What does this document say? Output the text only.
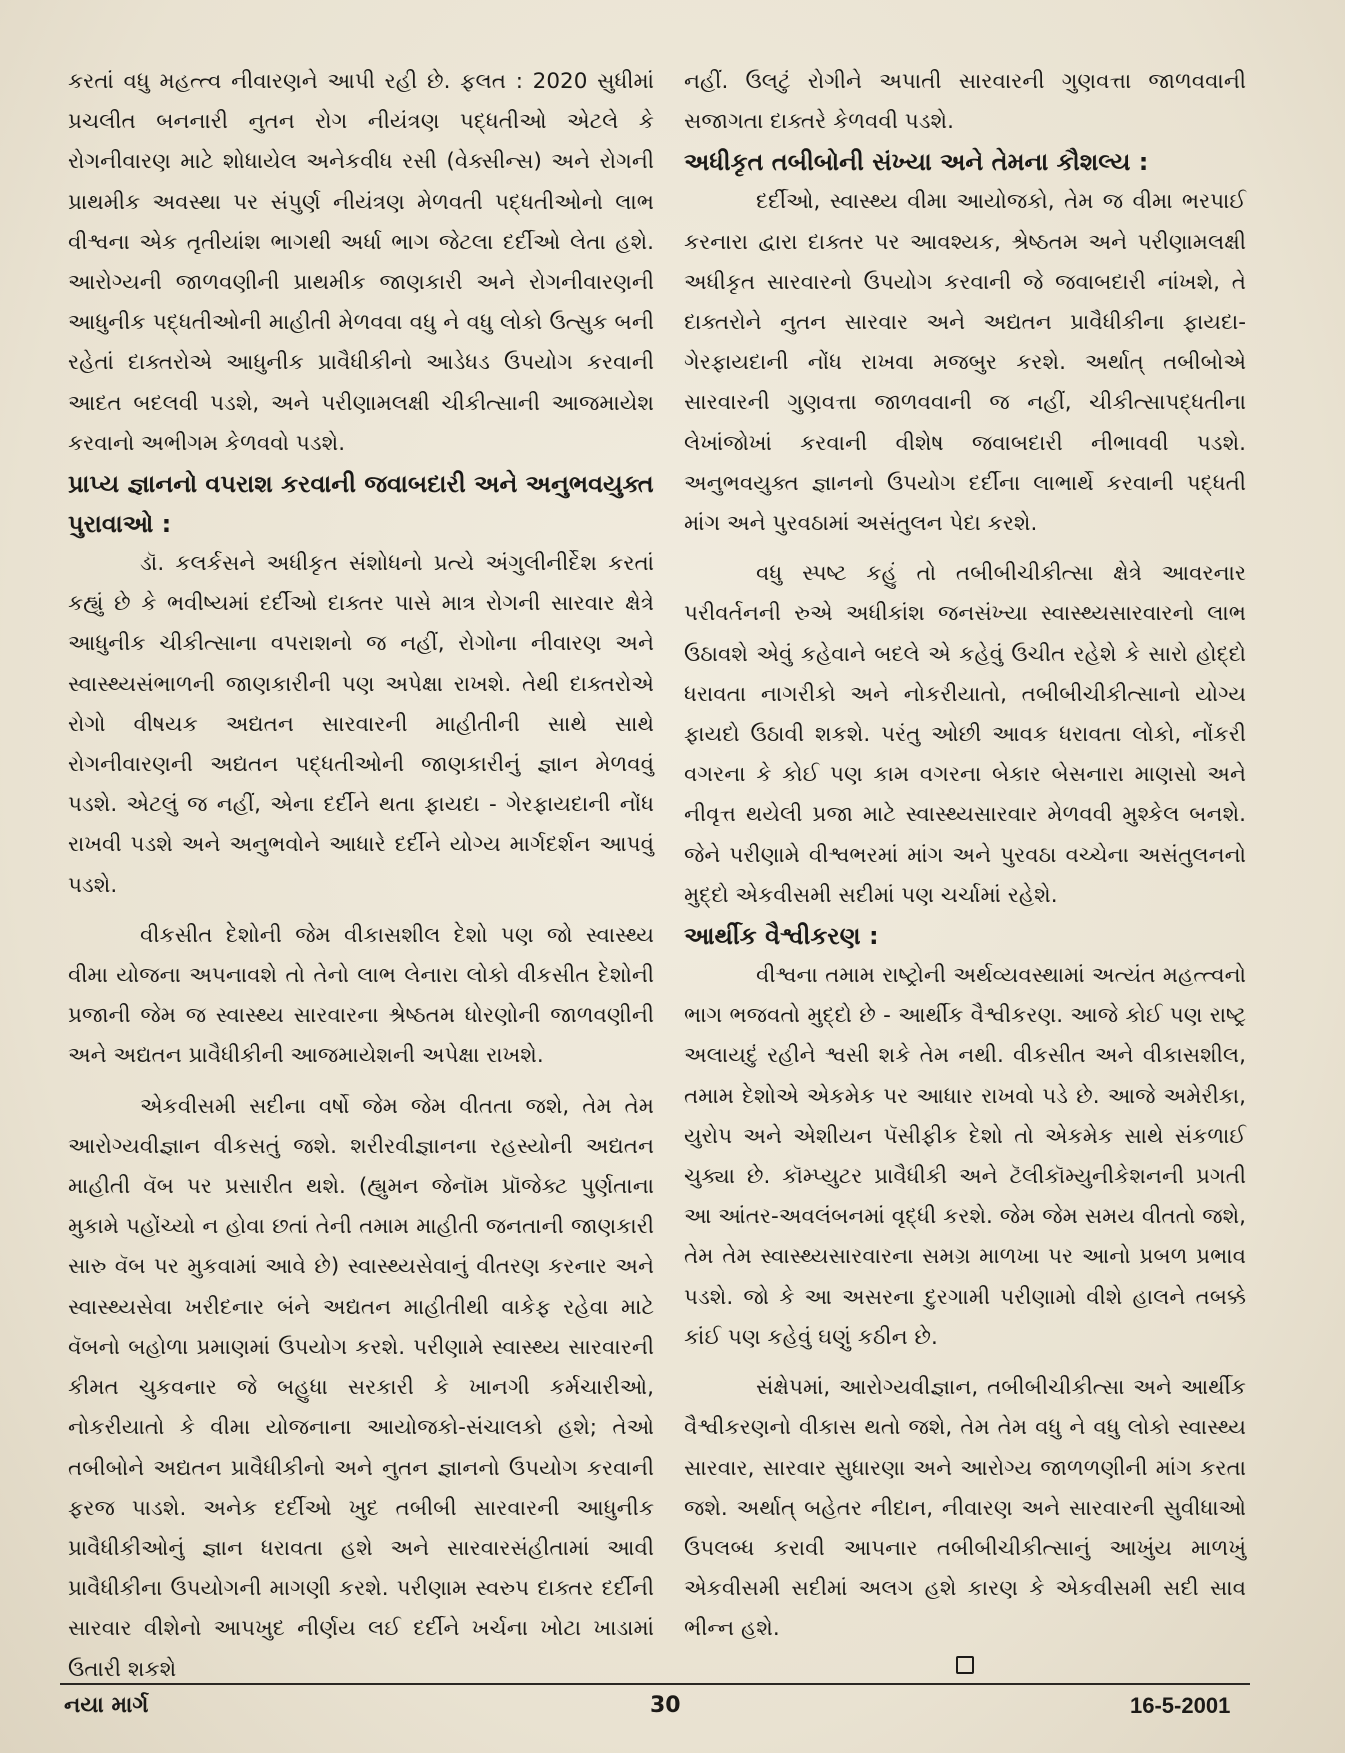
કરતાં વધુ મહત્ત્વ નીવારણને આપી રહી છે. ફલત : 2020 સુધીમાં પ્રચલીત બનનારી નુતન રોગ નીયંત્રણ પદ્ધતીઓ એટલે કે રોગનીવારણ માટે શોધાયેલ અનેકવીધ રસી (વેક્સીન્સ) અને રોગની પ્રાથમીક અવસ્થા પર સંપુર્ણ નીયંત્રણ મેળવતી પદ્ધતીઓનો લાભ વીશ્વના એક તૃતીયાંશ ભાગથી અર્ધા ભાગ જેટલા દર્દીઓ લેતા હશે. આરોગ્યની જાળવણીની પ્રાથમીક જાણકારી અને રોગનીવારણની આધુનીક પદ્ધતીઓની માહીતી મેળવવા વધુ ને વધુ લોકો ઉત્સુક બની રહેતાં દાક્તરોએ આધુનીક પ્રાવૈધીકીનો આડેધડ ઉપયોગ કરવાની આદત બદલવી પડશે, અને પરીણામલક્ષી ચીકીત્સાની આજમાયેશ કરવાનો અભીગમ કેળવવો પડશે.

પ્રાપ્ય જ્ઞાનનો વપરાશ કરવાની જવાબદારી અને અનુભવયુક્ત પુરાવાઓ :

ડૉ. કલર્કસને અધીકૃત સંશોધનો પ્રત્યે અંગુલીનીર્દેશ કરતાં કહ્યું છે કે ભવીષ્યમાં દર્દીઓ દાક્તર પાસે માત્ર રોગની સારવાર ક્ષેત્રે આધુનીક ચીકીત્સાના વપરાશનો જ નહીં, રોગોના નીવારણ અને સ્વાસ્થ્યસંભાળની જાણકારીની પણ અપેક્ષા રાખશે. તેથી દાક્તરોએ રોગો વીષયક અદ્યતન સારવારની માહીતીની સાથે સાથે રોગનીવારણની અદ્યતન પદ્ધતીઓની જાણકારીનું જ્ઞાન મેળવવું પડશે. એટલું જ નહીં, એના દર્દીને થતા ફાયદા - ગેરફાયદાની નોંધ રાખવી પડશે અને અનુભવોને આધારે દર્દીને યોગ્ય માર્ગદર્શન આપવું પડશે.

વીકસીત દેશોની જેમ વીકાસશીલ દેશો પણ જો સ્વાસ્થ્ય વીમા યોજના અપનાવશે તો તેનો લાભ લેનારા લોકો વીકસીત દેશોની પ્રજાની જેમ જ સ્વાસ્થ્ય સારવારના શ્રેષ્ઠતમ ધોરણોની જાળવણીની અને અદ્યતન પ્રાવૈધીકીની આજમાયેશની અપેક્ષા રાખશે.

એકવીસમી સદીના વર્ષો જેમ જેમ વીતતા જશે, તેમ તેમ આરોગ્યવીજ્ઞાન વીકસતું જશે. શરીરવીજ્ઞાનના રહસ્યોની અદ્યતન માહીતી વૅબ પર પ્રસારીત થશે. (હ્યુમન જેનૉમ પ્રૉજેક્ટ પુર્ણતાના મુકામે પહોંચ્યો ન હોવા છતાં તેની તમામ માહીતી જનતાની જાણકારી સારુ વૅબ પર મુકવામાં આવે છે) સ્વાસ્થ્યસેવાનું વીતરણ કરનાર અને સ્વાસ્થ્યસેવા ખરીદનાર બંને અદ્યતન માહીતીથી વાકેફ રહેવા માટે વૅબનો બહોળા પ્રમાણમાં ઉપયોગ કરશે. પરીણામે સ્વાસ્થ્ય સારવારની કીમત ચુકવનાર જે બહુધા સરકારી કે ખાનગી કર્મચારીઓ, નોકરીયાતો કે વીમા યોજનાના આયોજકો-સંચાલકો હશે; તેઓ તબીબોને અદ્યતન પ્રાવૈધીકીનો અને નુતન જ્ઞાનનો ઉપયોગ કરવાની ફરજ પાડશે. અનેક દર્દીઓ ખુદ તબીબી સારવારની આધુનીક પ્રાવૈધીકીઓનું જ્ઞાન ધરાવતા હશે અને સારવારસંહીતામાં આવી પ્રાવૈધીકીના ઉપયોગની માગણી કરશે. પરીણામ સ્વરુપ દાક્તર દર્દીની સારવાર વીશેનો આપખુદ નીર્ણય લઈ દર્દીને ખર્ચના ખોટા ખાડામાં ઉતારી શકશે

નહીં. ઉલટું રોગીને અપાતી સારવારની ગુણવત્તા જાળવવાની સજાગતા દાક્તરે કેળવવી પડશે.

અધીકૃત તબીબોની સંખ્યા અને તેમના કૌશલ્ય :

દર્દીઓ, સ્વાસ્થ્ય વીમા આયોજકો, તેમ જ વીમા ભરપાઈ કરનારા દ્વારા દાક્તર પર આવશ્યક, શ્રેષ્ઠતમ અને પરીણામલક્ષી અધીકૃત સારવારનો ઉપયોગ કરવાની જે જવાબદારી નાંખશે, તે દાક્તરોને નુતન સારવાર અને અદ્યતન પ્રાવૈધીકીના ફાયદા-ગેરફાયદાની નોંધ રાખવા મજબુર કરશે. અર્થાત્ તબીબોએ સારવારની ગુણવત્તા જાળવવાની જ નહીં, ચીકીત્સાપદ્ધતીના લેખાંજોખાં કરવાની વીશેષ જવાબદારી નીભાવવી પડશે. અનુભવયુક્ત જ્ઞાનનો ઉપયોગ દર્દીના લાભાર્થે કરવાની પદ્ધતી માંગ અને પુરવઠામાં અસંતુલન પેદા કરશે.

વધુ સ્પષ્ટ કહું તો તબીબીચીકીત્સા ક્ષેત્રે આવરનાર પરીવર્તનની રુએ અધીકાંશ જનસંખ્યા સ્વાસ્થ્યસારવારનો લાભ ઉઠાવશે એવું કહેવાને બદલે એ કહેવું ઉચીત રહેશે કે સારો હોદ્દો ધરાવતા નાગરીકો અને નોકરીયાતો, તબીબીચીકીત્સાનો યોગ્ય ફાયદો ઉઠાવી શકશે. પરંતુ ઓછી આવક ધરાવતા લોકો, નોંકરી વગરના કે કોઈ પણ કામ વગરના બેકાર બેસનારા માણસો અને નીવૃત્ત થયેલી પ્રજા માટે સ્વાસ્થ્યસારવાર મેળવવી મુશ્કેલ બનશે. જેને પરીણામે વીશ્વભરમાં માંગ અને પુરવઠા વચ્ચેના અસંતુલનનો મુદ્દો એકવીસમી સદીમાં પણ ચર્ચામાં રહેશે.

આર્થીક વૈશ્વીકરણ :

વીશ્વના તમામ રાષ્ટ્રોની અર્થવ્યવસ્થામાં અત્યંત મહત્ત્વનો ભાગ ભજવતો મુદ્દો છે - આર્થીક વૈશ્વીકરણ. આજે કોઈ પણ રાષ્ટ્ર અલાયદું રહીને શ્વસી શકે તેમ નથી. વીકસીત અને વીકાસશીલ, તમામ દેશોએ એકમેક પર આધાર રાખવો પડે છે. આજે અમેરીકા, યુરોપ અને એશીયન પૅસીફીક દેશો તો એકમેક સાથે સંકળાઈ ચુક્યા છે. કૉમ્પ્યુટર પ્રાવૈધીકી અને ટૅલીકૉમ્યુનીકેશનની પ્રગતી આ આંતર-અવલંબનમાં વૃદ્ધી કરશે. જેમ જેમ સમય વીતતો જશે, તેમ તેમ સ્વાસ્થ્યસારવારના સમગ્ર માળખા પર આનો પ્રબળ પ્રભાવ પડશે. જો કે આ અસરના દુરગામી પરીણામો વીશે હાલને તબક્કે કાંઈ પણ કહેવું ઘણું કઠીન છે.

સંક્ષેપમાં, આરોગ્યવીજ્ઞાન, તબીબીચીકીત્સા અને આર્થીક વૈશ્વીકરણનો વીકાસ થતો જશે, તેમ તેમ વધુ ને વધુ લોકો સ્વાસ્થ્ય સારવાર, સારવાર સુધારણા અને આરોગ્ય જાળળણીની માંગ કરતા જશે. અર્થાત્ બહેતર નીદાન, નીવારણ અને સારવારની સુવીધાઓ ઉપલબ્ધ કરાવી આપનાર તબીબીચીકીત્સાનું આખુંય માળખું એકવીસમી સદીમાં અલગ હશે કારણ કે એકવીસમી સદી સાવ ભીન્ન હશે.

નયા માર્ગ	30	16-5-2001
